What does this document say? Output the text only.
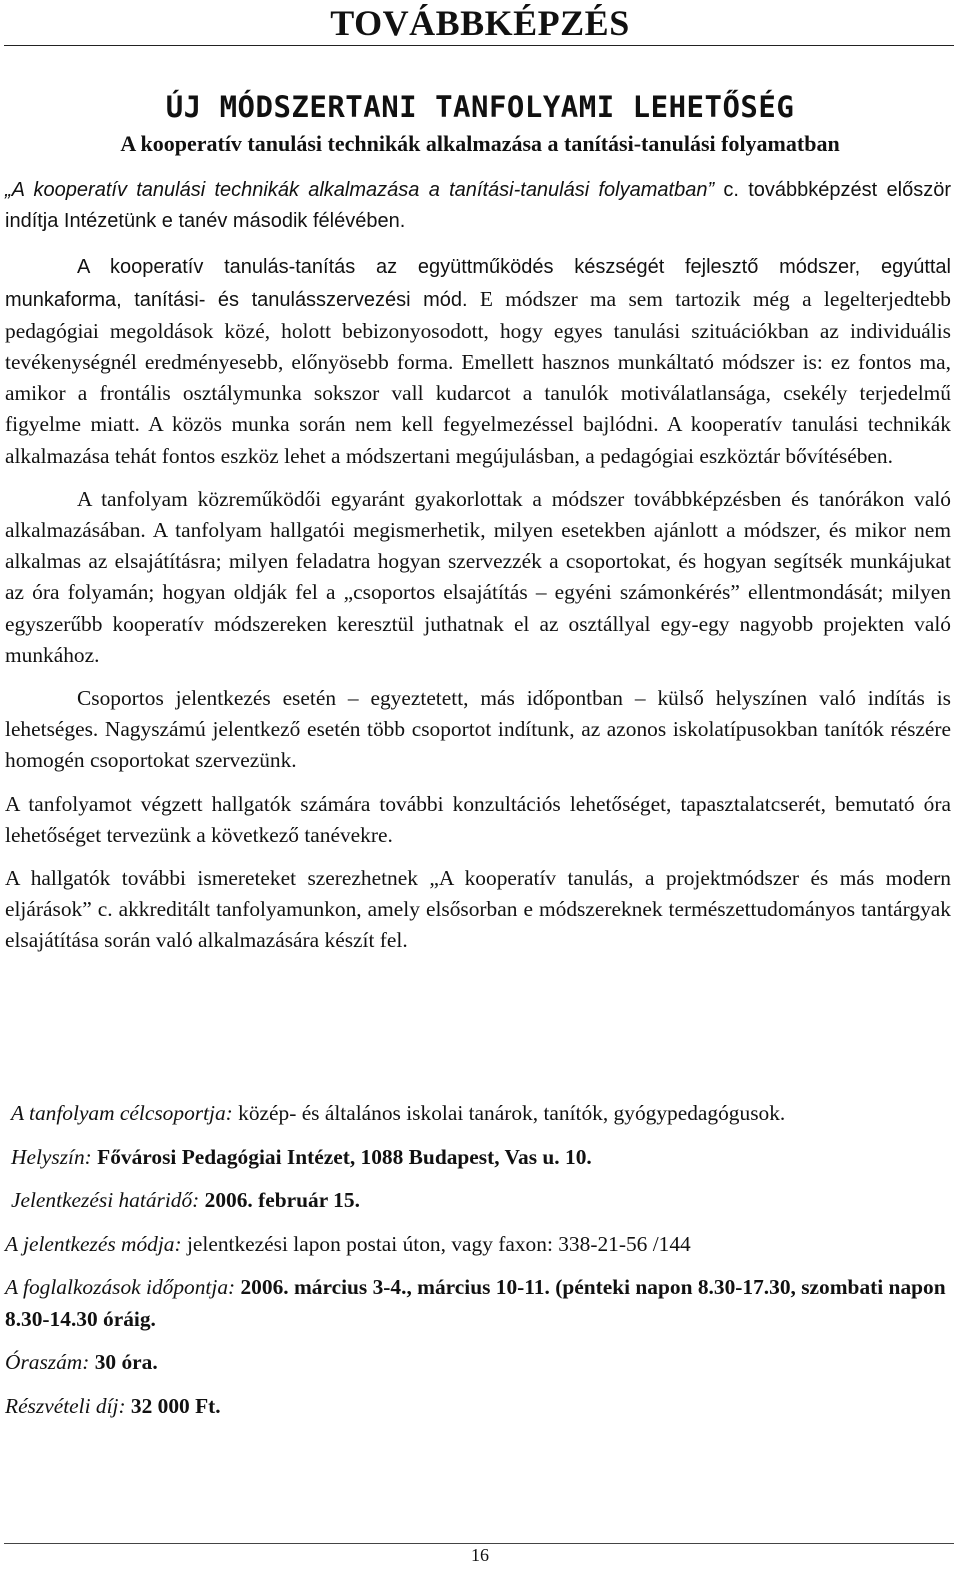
TOVÁBBKÉPZÉS
ÚJ MÓDSZERTANI TANFOLYAMI LEHETŐSÉG
A kooperatív tanulási technikák alkalmazása a tanítási-tanulási folyamatban

„A kooperatív tanulási technikák alkalmazása a tanítási-tanulási folyamatban” c. továbbképzést először indítja Intézetünk e tanév második félévében.

A kooperatív tanulás-tanítás az együttműködés készségét fejlesztő módszer, egyúttal munkaforma, tanítási- és tanulásszervezési mód. E módszer ma sem tartozik még a legelterjedtebb pedagógiai megoldások közé, holott bebizonyosodott, hogy egyes tanulási szituációkban az individuális tevékenységnél eredményesebb, előnyösebb forma. Emellett hasznos munkáltató módszer is: ez fontos ma, amikor a frontális osztálymunka sokszor vall kudarcot a tanulók motiválatlansága, csekély terjedelmű figyelme miatt. A közös munka során nem kell fegyelmezéssel bajlódni. A kooperatív tanulási technikák alkalmazása tehát fontos eszköz lehet a módszertani megújulásban, a pedagógiai eszköztár bővítésében.

A tanfolyam közreműködői egyaránt gyakorlottak a módszer továbbképzésben és tanórákon való alkalmazásában. A tanfolyam hallgatói megismerhetik, milyen esetekben ajánlott a módszer, és mikor nem alkalmas az elsajátításra; milyen feladatra hogyan szervezzék a csoportokat, és hogyan segítsék munkájukat az óra folyamán; hogyan oldják fel a „csoportos elsajátítás – egyéni számonkérés” ellentmondását; milyen egyszerűbb kooperatív módszereken keresztül juthatnak el az osztállyal egy-egy nagyobb projekten való munkához.

Csoportos jelentkezés esetén – egyeztetett, más időpontban – külső helyszínen való indítás is lehetséges. Nagyszámú jelentkező esetén több csoportot indítunk, az azonos iskolatípusokban tanítók részére homogén csoportokat szervezünk.

A tanfolyamot végzett hallgatók számára további konzultációs lehetőséget, tapasztalatcserét, bemutató óra lehetőséget tervezünk a következő tanévekre.

A hallgatók további ismereteket szerezhetnek „A kooperatív tanulás, a projektmódszer és más modern eljárások” c. akkreditált tanfolyamunkon, amely elsősorban e módszereknek természettudományos tantárgyak elsajátítása során való alkalmazására készít fel.

A tanfolyam célcsoportja: közép- és általános iskolai tanárok, tanítók, gyógypedagógusok.

Helyszín: Fővárosi Pedagógiai Intézet, 1088 Budapest, Vas u. 10.

Jelentkezési határidő: 2006. február 15.

A jelentkezés módja: jelentkezési lapon postai úton, vagy faxon: 338-21-56 /144

A foglalkozások időpontja: 2006. március 3-4., március 10-11. (pénteki napon 8.30-17.30, szombati napon 8.30-14.30 óráig.

Óraszám: 30 óra.

Részvételi díj: 32 000 Ft.

16
